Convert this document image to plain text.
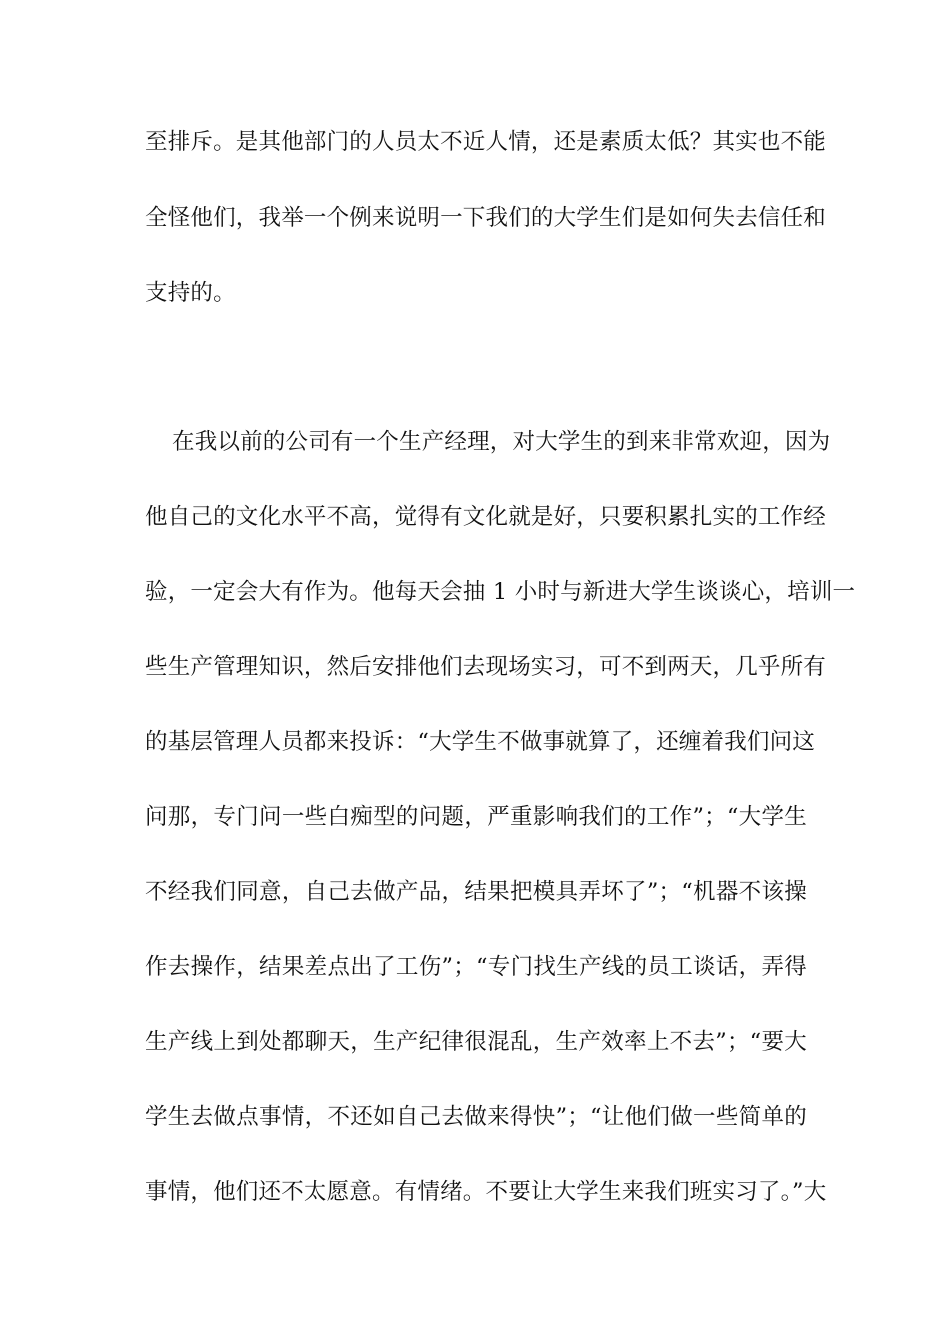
至排斥。是其他部门的人员太不近人情，还是素质太低？其实也不能
全怪他们，我举一个例来说明一下我们的大学生们是如何失去信任和
支持的。
在我以前的公司有一个生产经理，对大学生的到来非常欢迎，因为
他自己的文化水平不高，觉得有文化就是好，只要积累扎实的工作经
验，一定会大有作为。他每天会抽 1 小时与新进大学生谈谈心，培训一
些生产管理知识，然后安排他们去现场实习，可不到两天，几乎所有
的基层管理人员都来投诉：“大学生不做事就算了，还缠着我们问这
问那，专门问一些白痴型的问题，严重影响我们的工作”；“大学生
不经我们同意，自己去做产品，结果把模具弄坏了”；“机器不该操
作去操作，结果差点出了工伤”；“专门找生产线的员工谈话，弄得
生产线上到处都聊天，生产纪律很混乱，生产效率上不去”；“要大
学生去做点事情，不还如自己去做来得快”；“让他们做一些简单的
事情，他们还不太愿意。有情绪。不要让大学生来我们班实习了。”大
